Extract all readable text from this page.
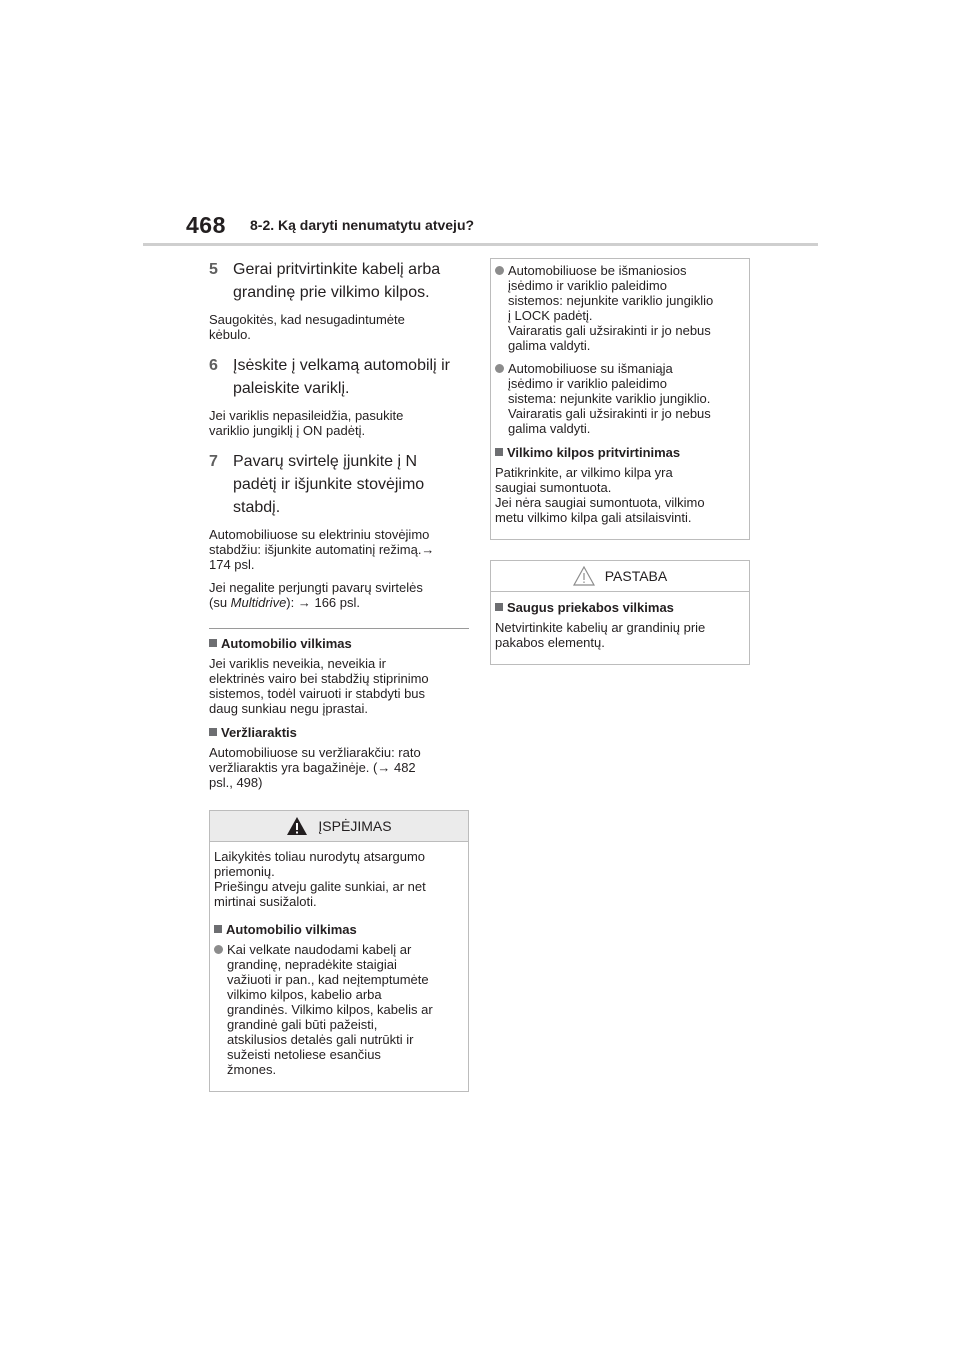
468 8-2. Ką daryti nenumatytu atveju?
5 Gerai pritvirtinkite kabelį arba
grandinę prie vilkimo kilpos.
Saugokitės, kad nesugadintumėte
kėbulo.
6 Įsėskite į velkamą automobilį ir
paleiskite variklį.
Jei variklis nepasileidžia, pasukite
variklio jungiklį į ON padėtį.
7 Pavarų svirtelę įjunkite į N
padėtį ir išjunkite stovėjimo
stabdį.
Automobiliuose su elektriniu stovėjimo
stabdžiu: išjunkite automatinį režimą.→
174 psl.
Jei negalite perjungti pavarų svirtelės
(su Multidrive): → 166 psl.
Automobilio vilkimas
Jei variklis neveikia, neveikia ir
elektrinės vairo bei stabdžių stiprinimo
sistemos, todėl vairuoti ir stabdyti bus
daug sunkiau negu įprastai.
Veržliaraktis
Automobiliuose su veržliarakčiu: rato
veržliaraktis yra bagažinėje. (→ 482
psl., 498)
ĮSPĖJIMAS
Laikykitės toliau nurodytų atsargumo
priemonių.
Priešingu atveju galite sunkiai, ar net
mirtinai susižaloti.
Automobilio vilkimas
Kai velkate naudodami kabelį ar
grandinę, nepradėkite staigiai
važiuoti ir pan., kad neįtemptumėte
vilkimo kilpos, kabelio arba
grandinės. Vilkimo kilpos, kabelis ar
grandinė gali būti pažeisti,
atskilusios detalės gali nutrūkti ir
sužeisti netoliese esančius
žmones.
Automobiliuose be išmaniosios
įsėdimo ir variklio paleidimo
sistemos: nejunkite variklio jungiklio
į LOCK padėtį.
Vairaratis gali užsirakinti ir jo nebus
galima valdyti.
Automobiliuose su išmaniąja
įsėdimo ir variklio paleidimo
sistema: nejunkite variklio jungiklio.
Vairaratis gali užsirakinti ir jo nebus
galima valdyti.
Vilkimo kilpos pritvirtinimas
Patikrinkite, ar vilkimo kilpa yra
saugiai sumontuota.
Jei nėra saugiai sumontuota, vilkimo
metu vilkimo kilpa gali atsilaisvinti.
PASTABA
Saugus priekabos vilkimas
Netvirtinkite kabelių ar grandinių prie
pakabos elementų.
